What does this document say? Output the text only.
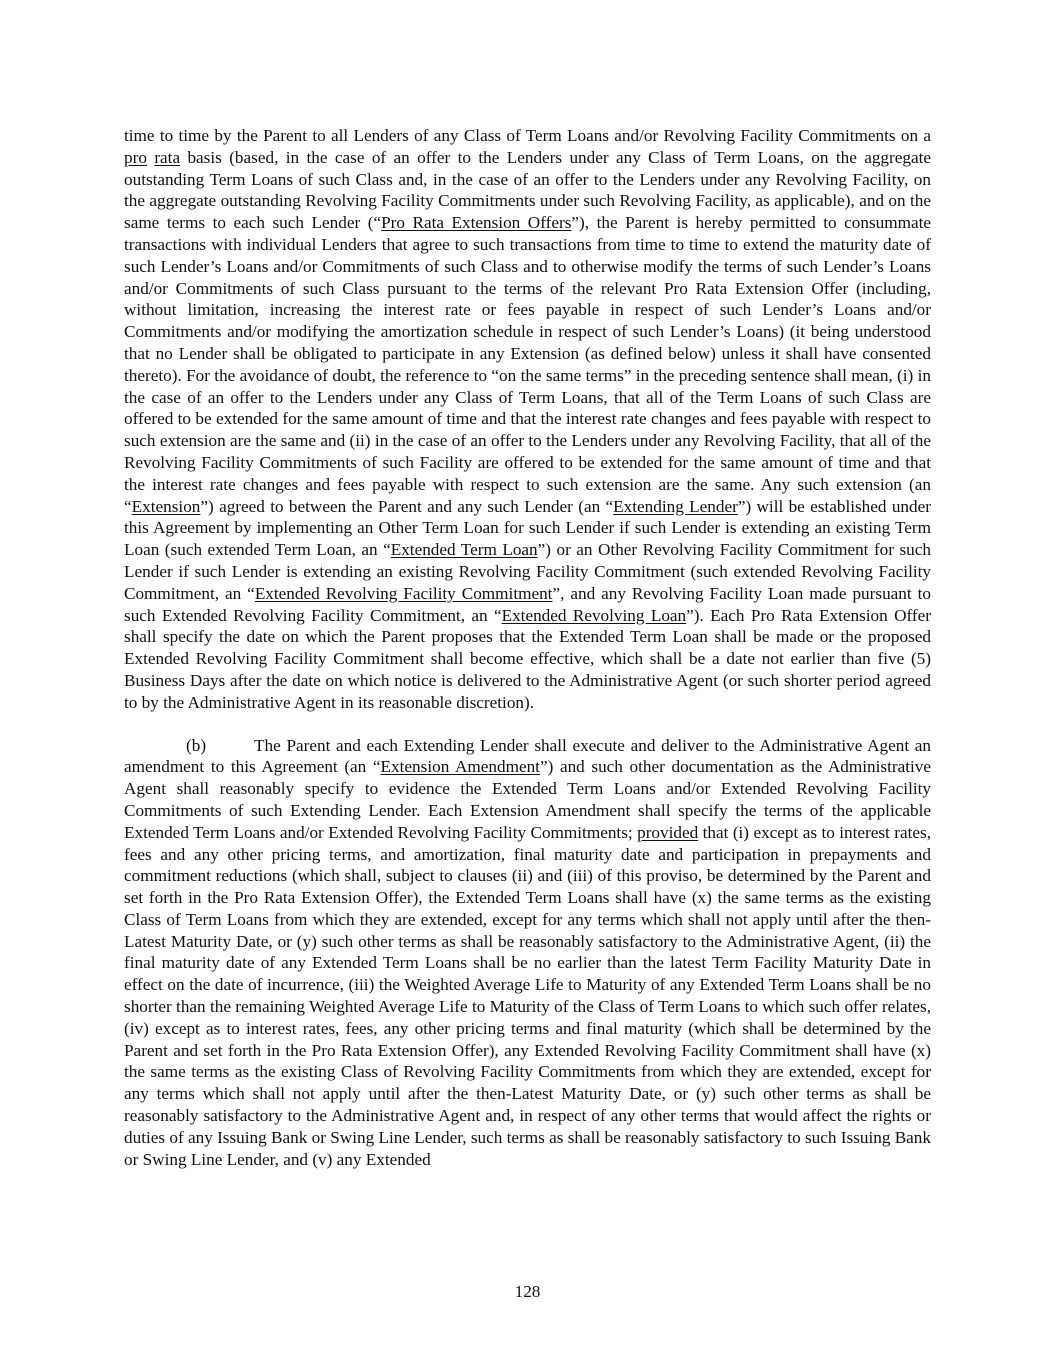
time to time by the Parent to all Lenders of any Class of Term Loans and/or Revolving Facility Commitments on a pro rata basis (based, in the case of an offer to the Lenders under any Class of Term Loans, on the aggregate outstanding Term Loans of such Class and, in the case of an offer to the Lenders under any Revolving Facility, on the aggregate outstanding Revolving Facility Commitments under such Revolving Facility, as applicable), and on the same terms to each such Lender (“Pro Rata Extension Offers”), the Parent is hereby permitted to consummate transactions with individual Lenders that agree to such transactions from time to time to extend the maturity date of such Lender’s Loans and/or Commitments of such Class and to otherwise modify the terms of such Lender’s Loans and/or Commitments of such Class pursuant to the terms of the relevant Pro Rata Extension Offer (including, without limitation, increasing the interest rate or fees payable in respect of such Lender’s Loans and/or Commitments and/or modifying the amortization schedule in respect of such Lender’s Loans) (it being understood that no Lender shall be obligated to participate in any Extension (as defined below) unless it shall have consented thereto). For the avoidance of doubt, the reference to “on the same terms” in the preceding sentence shall mean, (i) in the case of an offer to the Lenders under any Class of Term Loans, that all of the Term Loans of such Class are offered to be extended for the same amount of time and that the interest rate changes and fees payable with respect to such extension are the same and (ii) in the case of an offer to the Lenders under any Revolving Facility, that all of the Revolving Facility Commitments of such Facility are offered to be extended for the same amount of time and that the interest rate changes and fees payable with respect to such extension are the same. Any such extension (an “Extension”) agreed to between the Parent and any such Lender (an “Extending Lender”) will be established under this Agreement by implementing an Other Term Loan for such Lender if such Lender is extending an existing Term Loan (such extended Term Loan, an “Extended Term Loan”) or an Other Revolving Facility Commitment for such Lender if such Lender is extending an existing Revolving Facility Commitment (such extended Revolving Facility Commitment, an “Extended Revolving Facility Commitment”, and any Revolving Facility Loan made pursuant to such Extended Revolving Facility Commitment, an “Extended Revolving Loan”). Each Pro Rata Extension Offer shall specify the date on which the Parent proposes that the Extended Term Loan shall be made or the proposed Extended Revolving Facility Commitment shall become effective, which shall be a date not earlier than five (5) Business Days after the date on which notice is delivered to the Administrative Agent (or such shorter period agreed to by the Administrative Agent in its reasonable discretion).

(b)	The Parent and each Extending Lender shall execute and deliver to the Administrative Agent an amendment to this Agreement (an “Extension Amendment”) and such other documentation as the Administrative Agent shall reasonably specify to evidence the Extended Term Loans and/or Extended Revolving Facility Commitments of such Extending Lender. Each Extension Amendment shall specify the terms of the applicable Extended Term Loans and/or Extended Revolving Facility Commitments; provided that (i) except as to interest rates, fees and any other pricing terms, and amortization, final maturity date and participation in prepayments and commitment reductions (which shall, subject to clauses (ii) and (iii) of this proviso, be determined by the Parent and set forth in the Pro Rata Extension Offer), the Extended Term Loans shall have (x) the same terms as the existing Class of Term Loans from which they are extended, except for any terms which shall not apply until after the then-Latest Maturity Date, or (y) such other terms as shall be reasonably satisfactory to the Administrative Agent, (ii) the final maturity date of any Extended Term Loans shall be no earlier than the latest Term Facility Maturity Date in effect on the date of incurrence, (iii) the Weighted Average Life to Maturity of any Extended Term Loans shall be no shorter than the remaining Weighted Average Life to Maturity of the Class of Term Loans to which such offer relates, (iv) except as to interest rates, fees, any other pricing terms and final maturity (which shall be determined by the Parent and set forth in the Pro Rata Extension Offer), any Extended Revolving Facility Commitment shall have (x) the same terms as the existing Class of Revolving Facility Commitments from which they are extended, except for any terms which shall not apply until after the then-Latest Maturity Date, or (y) such other terms as shall be reasonably satisfactory to the Administrative Agent and, in respect of any other terms that would affect the rights or duties of any Issuing Bank or Swing Line Lender, such terms as shall be reasonably satisfactory to such Issuing Bank or Swing Line Lender, and (v) any Extended

128
